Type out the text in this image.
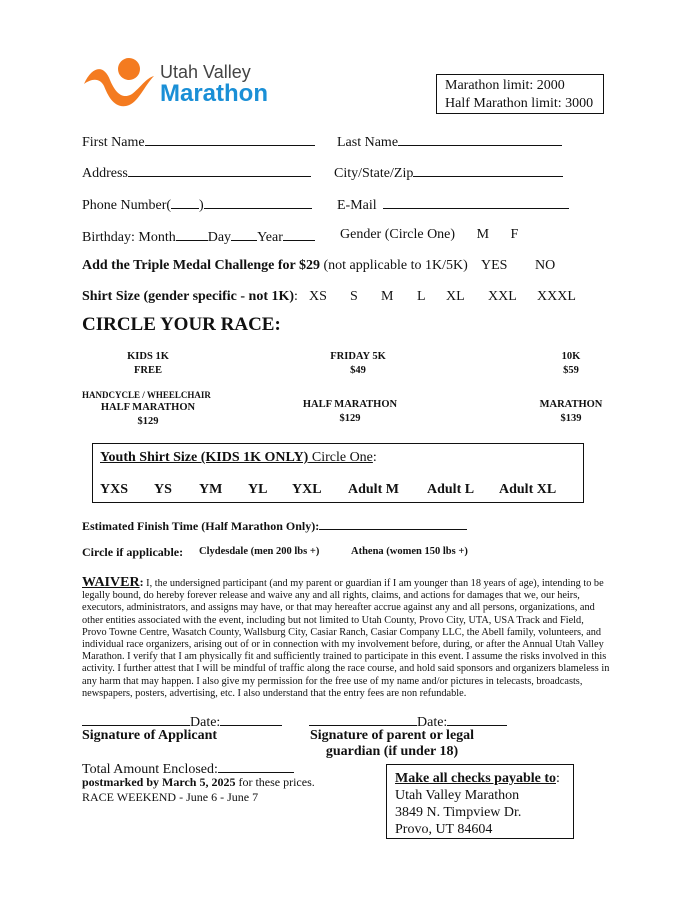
Utah Valley
Marathon	Marathon limit: 2000
Half Marathon limit: 3000
First Name	Last Name
Address	City/State/Zip
Phone Number( )	E-Mail
Birthday: Month Day Year	Gender (Circle One) M F
Add the Triple Medal Challenge for $29 (not applicable to 1K/5K) YES NO
Shirt Size (gender specific - not 1K): XS S M L XL XXL XXXL
CIRCLE YOUR RACE:
KIDS 1K
FREE
FRIDAY 5K
$49
10K
$59
HANDCYCLE / WHEELCHAIR
HALF MARATHON
$129
HALF MARATHON
$129
MARATHON
$139
Youth Shirt Size (KIDS 1K ONLY) Circle One:
YXS YS YM YL YXL Adult M Adult L Adult XL
Estimated Finish Time (Half Marathon Only):
Circle if applicable: Clydesdale (men 200 lbs +)	Athena (women 150 lbs +)
WAIVER: I, the undersigned participant (and my parent or guardian if I am younger than 18 years of age), intending to be legally bound, do hereby forever release and waive any and all rights, claims, and actions for damages that we, our heirs, executors, administrators, and assigns may have, or that may hereafter accrue against any and all persons, organizations, and other entities associated with the event, including but not limited to Utah County, Provo City, UTA, USA Track and Field, Provo Towne Centre, Wasatch County, Wallsburg City, Casiar Ranch, Casiar Company LLC, the Abell family, volunteers, and individual race organizers, arising out of or in connection with my involvement before, during, or after the Annual Utah Valley Marathon. I verify that I am physically fit and sufficiently trained to participate in this event. I assume the risks involved in this activity. I further attest that I will be mindful of traffic along the race course, and hold said sponsors and organizers blameless in any harm that may happen. I also give my permission for the free use of my name and/or pictures in telecasts, broadcasts, newspapers, posters, advertising, etc. I also understand that the entry fees are non refundable.
Date:
Signature of Applicant
Date:
Signature of parent or legal
guardian (if under 18)
Total Amount Enclosed:
postmarked by March 5, 2025 for these prices.
RACE WEEKEND - June 6 - June 7
Make all checks payable to:
Utah Valley Marathon
3849 N. Timpview Dr.
Provo, UT 84604
